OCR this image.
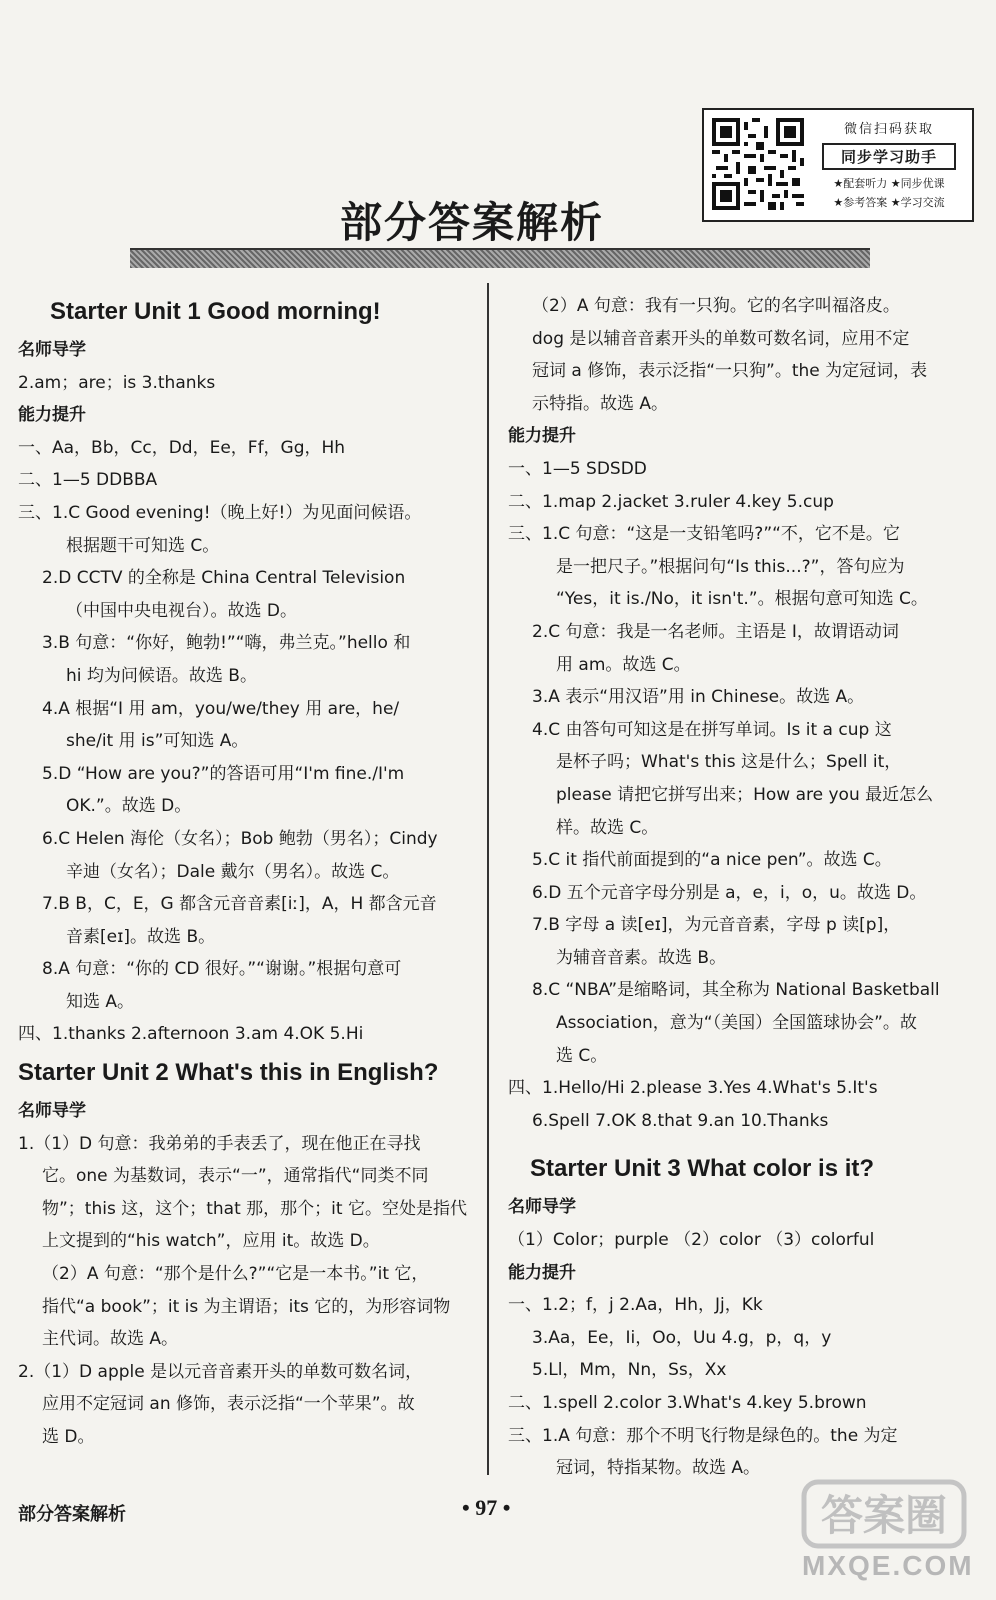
微信扫码获取
同步学习助手
★配套听力 ★同步优课
★参考答案 ★学习交流
部分答案解析
Starter Unit 1 Good morning!

名师导学

2.am；are；is 3.thanks

能力提升

一、Aa，Bb，Cc，Dd，Ee，Ff，Gg，Hh

二、1—5 DDBBA

三、1.C Good evening!（晚上好!）为见面问候语。

根据题干可知选 C。

2.D CCTV 的全称是 China Central Television

（中国中央电视台）。故选 D。

3.B 句意：“你好，鲍勃!”“嗨，弗兰克。”hello 和

hi 均为问候语。故选 B。

4.A 根据“I 用 am，you/we/they 用 are，he/

she/it 用 is”可知选 A。

5.D “How are you?”的答语可用“I'm fine./I'm

OK.”。故选 D。

6.C Helen 海伦（女名）；Bob 鲍勃（男名）；Cindy

辛迪（女名）；Dale 戴尔（男名）。故选 C。

7.B B，C，E，G 都含元音音素[iː]，A，H 都含元音

音素[eɪ]。故选 B。

8.A 句意：“你的 CD 很好。”“谢谢。”根据句意可

知选 A。

四、1.thanks 2.afternoon 3.am 4.OK 5.Hi

Starter Unit 2 What's this in English?

名师导学

1.（1）D 句意：我弟弟的手表丢了，现在他正在寻找

它。one 为基数词，表示“一”，通常指代“同类不同

物”；this 这，这个；that 那，那个；it 它。空处是指代

上文提到的“his watch”，应用 it。故选 D。

（2）A 句意：“那个是什么?”“它是一本书。”it 它，

指代“a book”；it is 为主谓语；its 它的，为形容词物

主代词。故选 A。

2.（1）D apple 是以元音音素开头的单数可数名词，

应用不定冠词 an 修饰，表示泛指“一个苹果”。故

选 D。

（2）A 句意：我有一只狗。它的名字叫福洛皮。

dog 是以辅音音素开头的单数可数名词，应用不定

冠词 a 修饰，表示泛指“一只狗”。the 为定冠词，表

示特指。故选 A。

能力提升

一、1—5 SDSDD

二、1.map 2.jacket 3.ruler 4.key 5.cup

三、1.C 句意：“这是一支铅笔吗?”“不，它不是。它

是一把尺子。”根据问句“Is this...?”，答句应为

“Yes，it is./No，it isn't.”。根据句意可知选 C。

2.C 句意：我是一名老师。主语是 I，故谓语动词

用 am。故选 C。

3.A 表示“用汉语”用 in Chinese。故选 A。

4.C 由答句可知这是在拼写单词。Is it a cup 这

是杯子吗；What's this 这是什么；Spell it，

please 请把它拼写出来；How are you 最近怎么

样。故选 C。

5.C it 指代前面提到的“a nice pen”。故选 C。

6.D 五个元音字母分别是 a，e，i，o，u。故选 D。

7.B 字母 a 读[eɪ]，为元音音素，字母 p 读[p]，

为辅音音素。故选 B。

8.C “NBA”是缩略词，其全称为 National Basketball

Association，意为“（美国）全国篮球协会”。故

选 C。

四、1.Hello/Hi 2.please 3.Yes 4.What's 5.It's

6.Spell 7.OK 8.that 9.an 10.Thanks

Starter Unit 3 What color is it?

名师导学

（1）Color；purple （2）color （3）colorful

能力提升

一、1.2；f，j 2.Aa，Hh，Jj，Kk

3.Aa，Ee，Ii，Oo，Uu 4.g，p，q，y

5.Ll，Mm，Nn，Ss，Xx

二、1.spell 2.color 3.What's 4.key 5.brown

三、1.A 句意：那个不明飞行物是绿色的。the 为定

冠词，特指某物。故选 A。

部分答案解析	• 97 •	答案圈
MXQE.COM
